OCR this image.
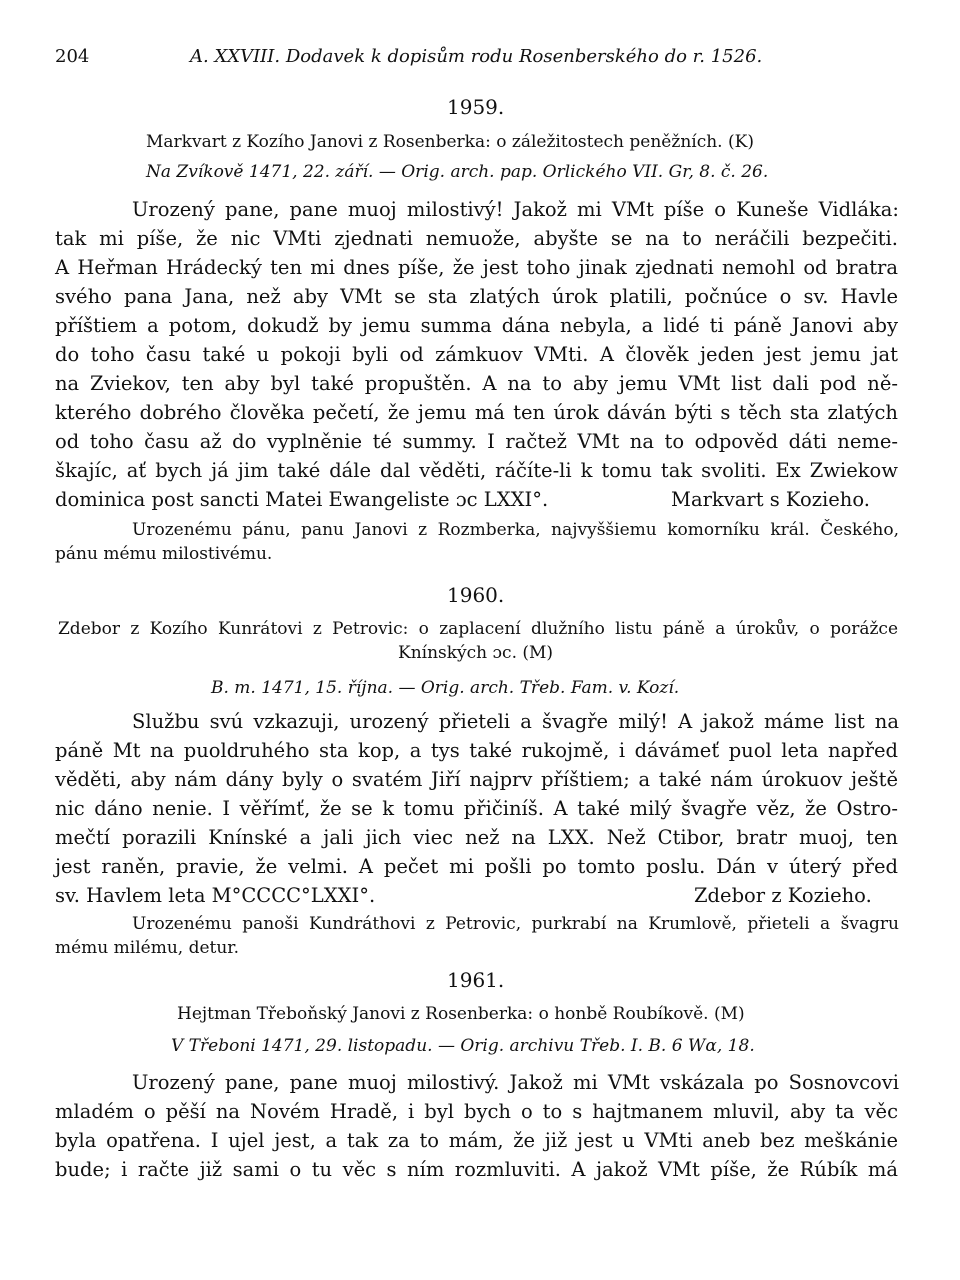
204	A. XXVIII. Dodavek k dopisům rodu Rosenberského do r. 1526.
1959.
Markvart z Kozího Janovi z Rosenberka: o záležitostech peněžních. (K)
Na Zvíkově 1471, 22. září. — Orig. arch. pap. Orlického VII. Gr, 8. č. 26.
Urozený pane, pane muoj milostivý! Jakož mi VMt píše o Kuneše Vidláka:
tak mi píše, že nic VMti zjednati nemuože, abyšte se na to neráčili bezpečiti.
A Heřman Hrádecký ten mi dnes píše, že jest toho jinak zjednati nemohl od bratra
svého pana Jana, než aby VMt se sta zlatých úrok platili, počnúce o sv. Havle
příštiem a potom, dokudž by jemu summa dána nebyla, a lidé ti páně Janovi aby
do toho času také u pokoji byli od zámkuov VMti. A člověk jeden jest jemu jat
na Zviekov, ten aby byl také propuštěn. A na to aby jemu VMt list dali pod ně-
kterého dobrého člověka pečetí, že jemu má ten úrok dáván býti s těch sta zlatých
od toho času až do vyplněnie té summy. I račtež VMt na to odpověd dáti neme-
škajíc, ať bych já jim také dále dal věděti, ráčíte-li k tomu tak svoliti. Ex Zwiekow
dominica post sancti Matei Ewangeliste ɔc LXXI°.	Markvart s Kozieho.
Urozenému pánu, panu Janovi z Rozmberka, najvyššiemu komorníku král. Českého,
pánu mému milostivému.
1960.
Zdebor z Kozího Kunrátovi z Petrovic: o zaplacení dlužního listu páně a úrokův, o porážce
Knínských ɔc. (M)
B. m. 1471, 15. října. — Orig. arch. Třeb. Fam. v. Kozí.
Službu svú vzkazuji, urozený přieteli a švagře milý! A jakož máme list na
páně Mt na puoldruhého sta kop, a tys také rukojmě, i dávámeť puol leta napřed
věděti, aby nám dány byly o svatém Jiří najprv příštiem; a také nám úrokuov ještě
nic dáno nenie. I věřímť, že se k tomu přičiníš. A také milý švagře věz, že Ostro-
mečtí porazili Knínské a jali jich viec než na LXX. Než Ctibor, bratr muoj, ten
jest raněn, pravie, že velmi. A pečet mi pošli po tomto poslu. Dán v úterý před
sv. Havlem leta M°CCCC°LXXI°.	Zdebor z Kozieho.
Urozenému panoši Kundráthovi z Petrovic, purkrabí na Krumlově, přieteli a švagru
mému milému, detur.
1961.
Hejtman Třeboňský Janovi z Rosenberka: o honbě Roubíkově. (M)
V Třeboni 1471, 29. listopadu. — Orig. archivu Třeb. I. B. 6 Wα, 18.
Urozený pane, pane muoj milostivý. Jakož mi VMt vskázala po Sosnovcovi
mladém o pěší na Novém Hradě, i byl bych o to s hajtmanem mluvil, aby ta věc
byla opatřena. I ujel jest, a tak za to mám, že již jest u VMti aneb bez meškánie
bude; i račte již sami o tu věc s ním rozmluviti. A jakož VMt píše, že Rúbík má
